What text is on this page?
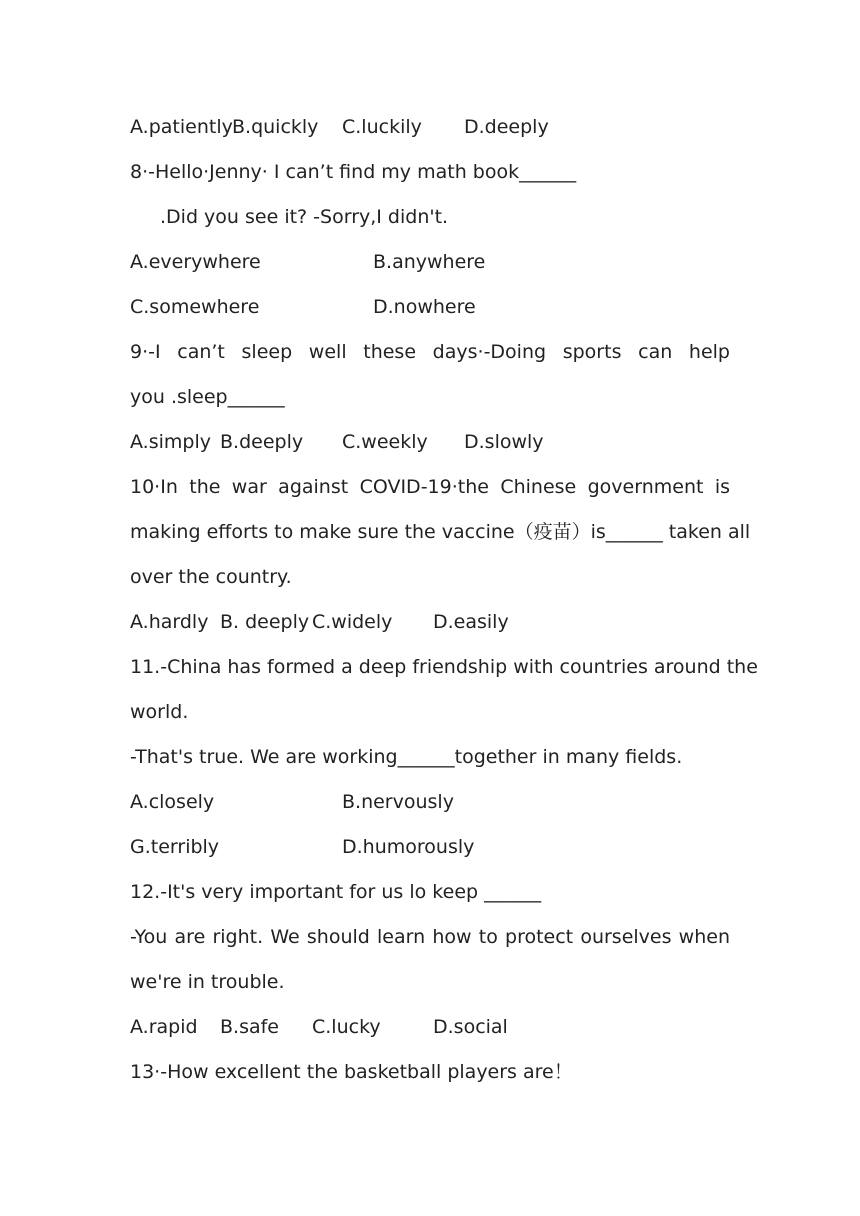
A.patiently B.quickly C.luckily D.deeply
8·-Hello·Jenny· I can’t find my math book______
.Did you see it? -Sorry,I didn't.
A.everywhere	B.anywhere
C.somewhere	D.nowhere
9·-I can’t sleep well these days·-Doing sports can help
you .sleep______
A.simply B.deeply C.weekly D.slowly
10·In the war against COVID-19·the Chinese government is
making efforts to make sure the vaccine（疫苗）is______ taken all
over the country.
A.hardly B. deeply C.widely D.easily
11.-China has formed a deep friendship with countries around the
world.
-That's true. We are working______together in many fields.
A.closely	B.nervously
G.terribly	D.humorously
12.-It's very important for us lo keep ______
-You are right. We should learn how to protect ourselves when
we're in trouble.
A.rapid B.safe C.lucky	D.social
13·-How excellent the basketball players are！
